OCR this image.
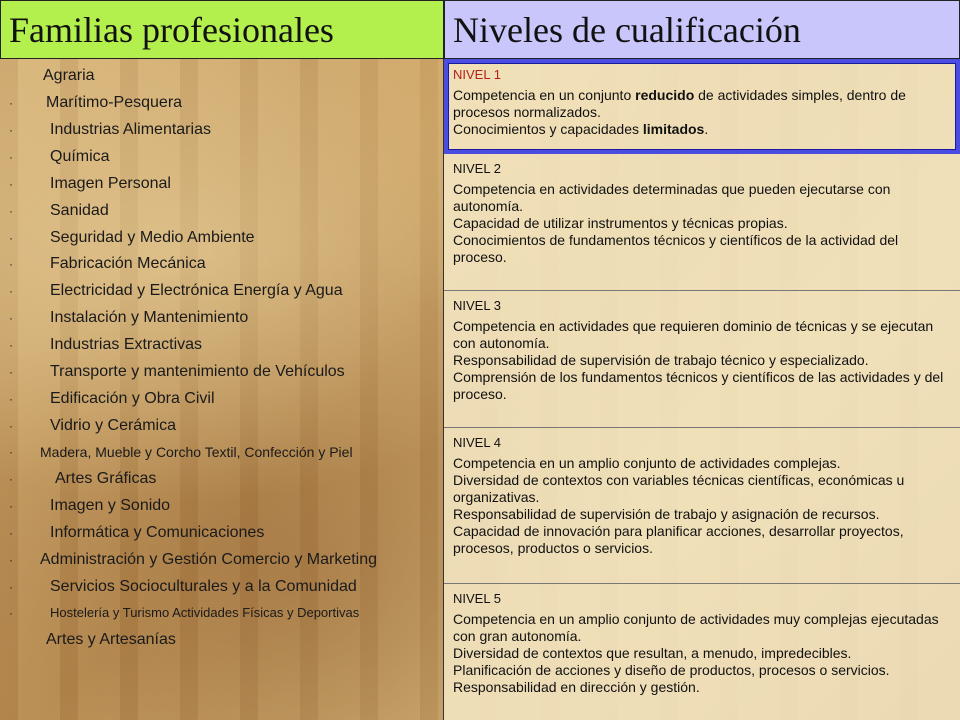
Familias profesionales	Niveles de cualificación
Agraria
· Marítimo-Pesquera
· Industrias Alimentarias
· Química
· Imagen Personal
· Sanidad
· Seguridad y Medio Ambiente
· Fabricación Mecánica
· Electricidad y Electrónica Energía y Agua
· Instalación y Mantenimiento
· Industrias Extractivas
· Transporte y mantenimiento de Vehículos
· Edificación y Obra Civil
· Vidrio y Cerámica
· Madera, Mueble y Corcho Textil, Confección y Piel
·	Artes Gráficas
· Imagen y Sonido
· Informática y Comunicaciones
· Administración y Gestión Comercio y Marketing
· Servicios Socioculturales y a la Comunidad
·	Hostelería y Turismo Actividades Físicas y Deportivas
Artes y Artesanías
NIVEL 1
Competencia en un conjunto reducido de actividades simples, dentro de procesos normalizados.
Conocimientos y capacidades limitados.
NIVEL 2
Competencia en actividades determinadas que pueden ejecutarse con autonomía.
Capacidad de utilizar instrumentos y técnicas propias.
Conocimientos de fundamentos técnicos y científicos de la actividad del proceso.
NIVEL 3
Competencia en actividades que requieren dominio de técnicas y se ejecutan con autonomía.
Responsabilidad de supervisión de trabajo técnico y especializado.
Comprensión de los fundamentos técnicos y científicos de las actividades y del proceso.
NIVEL 4
Competencia en un amplio conjunto de actividades complejas.
Diversidad de contextos con variables técnicas científicas, económicas u organizativas.
Responsabilidad de supervisión de trabajo y asignación de recursos.
Capacidad de innovación para planificar acciones, desarrollar proyectos, procesos, productos o servicios.
NIVEL 5
Competencia en un amplio conjunto de actividades muy complejas ejecutadas con gran autonomía.
Diversidad de contextos que resultan, a menudo, impredecibles.
Planificación de acciones y diseño de productos, procesos o servicios.
Responsabilidad en dirección y gestión.
